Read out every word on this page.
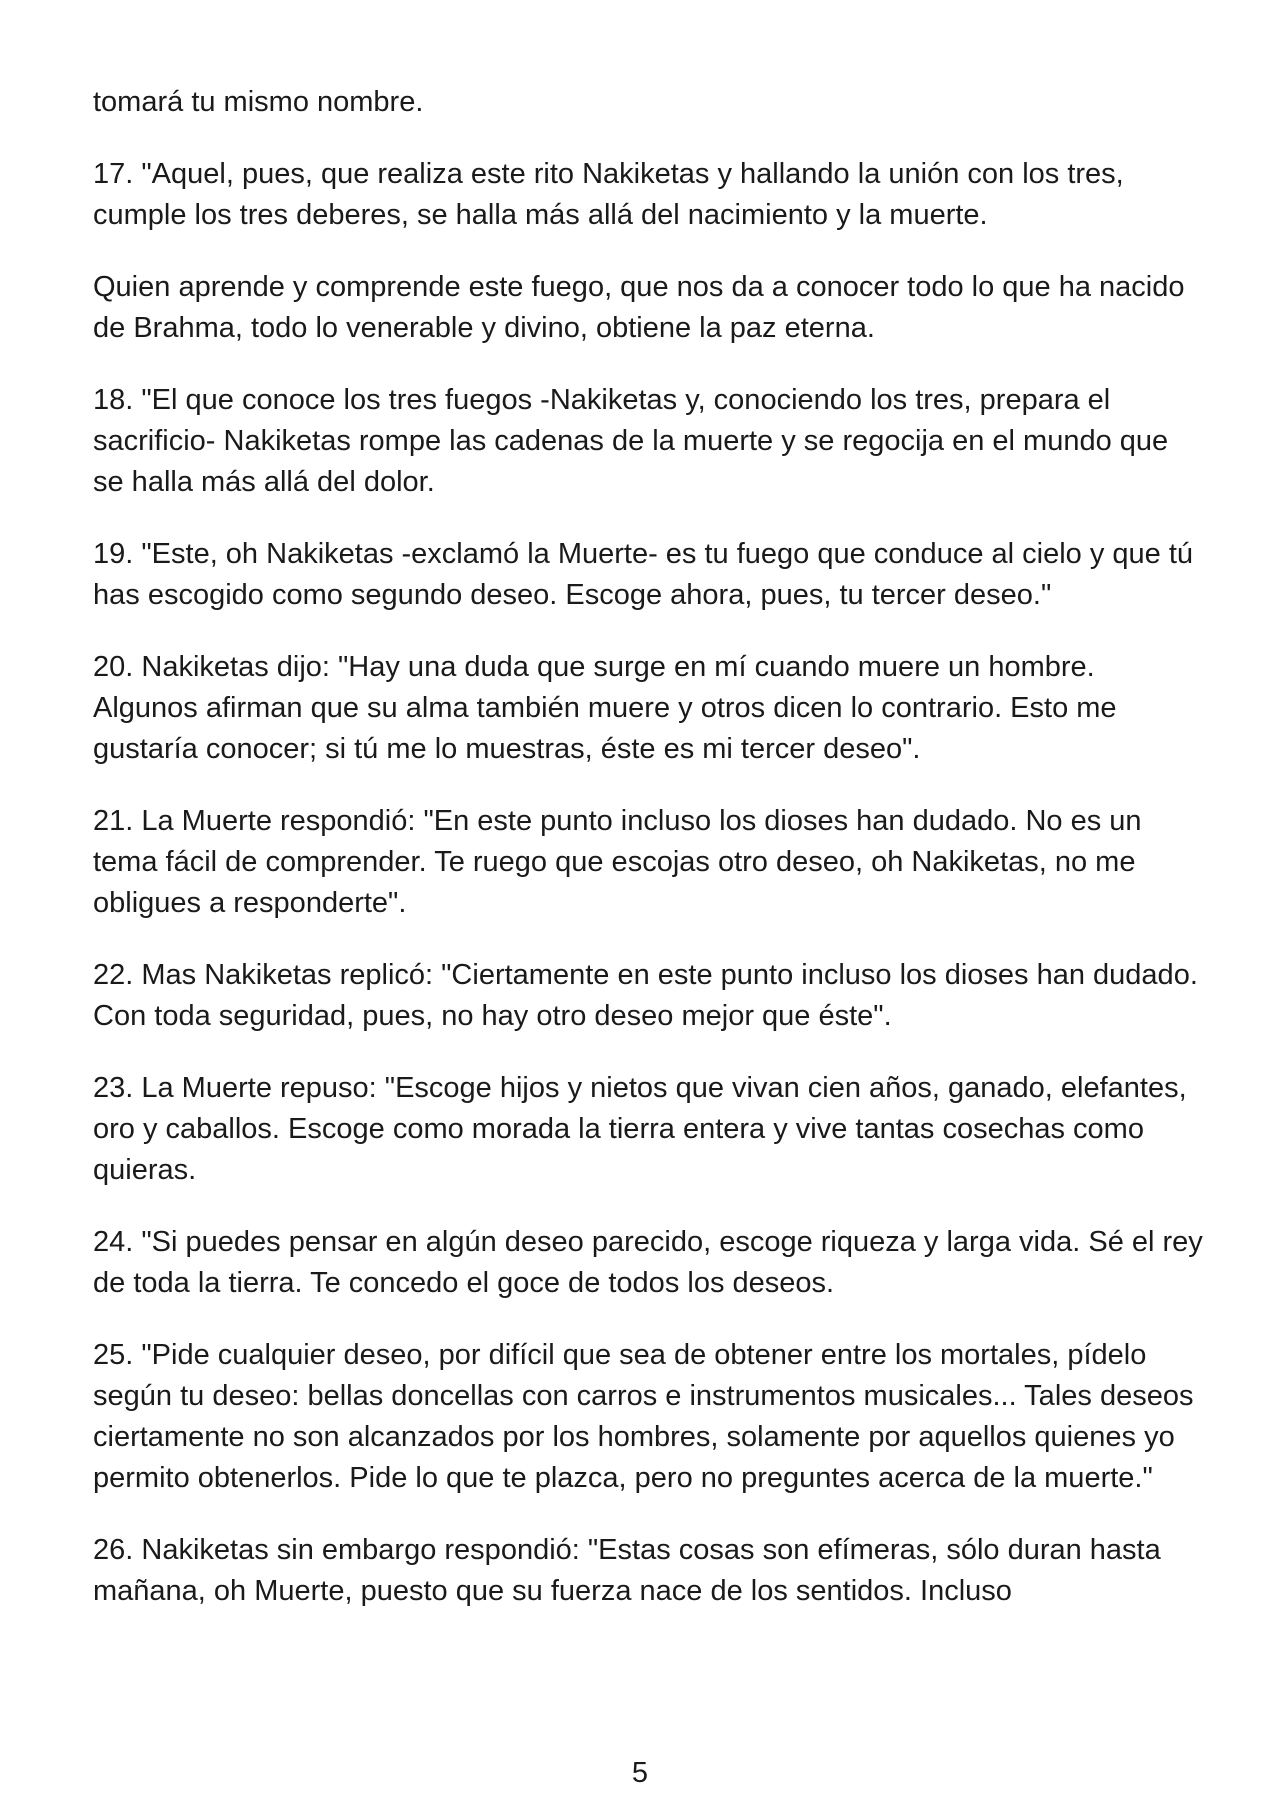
tomará tu mismo nombre.

17. "Aquel, pues, que realiza este rito Nakiketas y hallando la unión con los tres, cumple los tres deberes, se halla más allá del nacimiento y la muerte.

Quien aprende y comprende este fuego, que nos da a conocer todo lo que ha nacido de Brahma, todo lo venerable y divino, obtiene la paz eterna.

18. "El que conoce los tres fuegos -Nakiketas y, conociendo los tres, prepara el sacrificio- Nakiketas rompe las cadenas de la muerte y se regocija en el mundo que se halla más allá del dolor.

19. "Este, oh Nakiketas -exclamó la Muerte- es tu fuego que conduce al cielo y que tú has escogido como segundo deseo. Escoge ahora, pues, tu tercer deseo."

20. Nakiketas dijo: "Hay una duda que surge en mí cuando muere un hombre. Algunos afirman que su alma también muere y otros dicen lo contrario. Esto me gustaría conocer; si tú me lo muestras, éste es mi tercer deseo".

21. La Muerte respondió: "En este punto incluso los dioses han dudado. No es un tema fácil de comprender. Te ruego que escojas otro deseo, oh Nakiketas, no me obligues a responderte".

22. Mas Nakiketas replicó: "Ciertamente en este punto incluso los dioses han dudado. Con toda seguridad, pues, no hay otro deseo mejor que éste".

23. La Muerte repuso: "Escoge hijos y nietos que vivan cien años, ganado, elefantes, oro y caballos. Escoge como morada la tierra entera y vive tantas cosechas como quieras.

24. "Si puedes pensar en algún deseo parecido, escoge riqueza y larga vida. Sé el rey de toda la tierra. Te concedo el goce de todos los deseos.

25. "Pide cualquier deseo, por difícil que sea de obtener entre los mortales, pídelo según tu deseo: bellas doncellas con carros e instrumentos musicales... Tales deseos ciertamente no son alcanzados por los hombres, solamente por aquellos quienes yo permito obtenerlos. Pide lo que te plazca, pero no preguntes acerca de la muerte."

26. Nakiketas sin embargo respondió: "Estas cosas son efímeras, sólo duran hasta mañana, oh Muerte, puesto que su fuerza nace de los sentidos. Incluso

5
